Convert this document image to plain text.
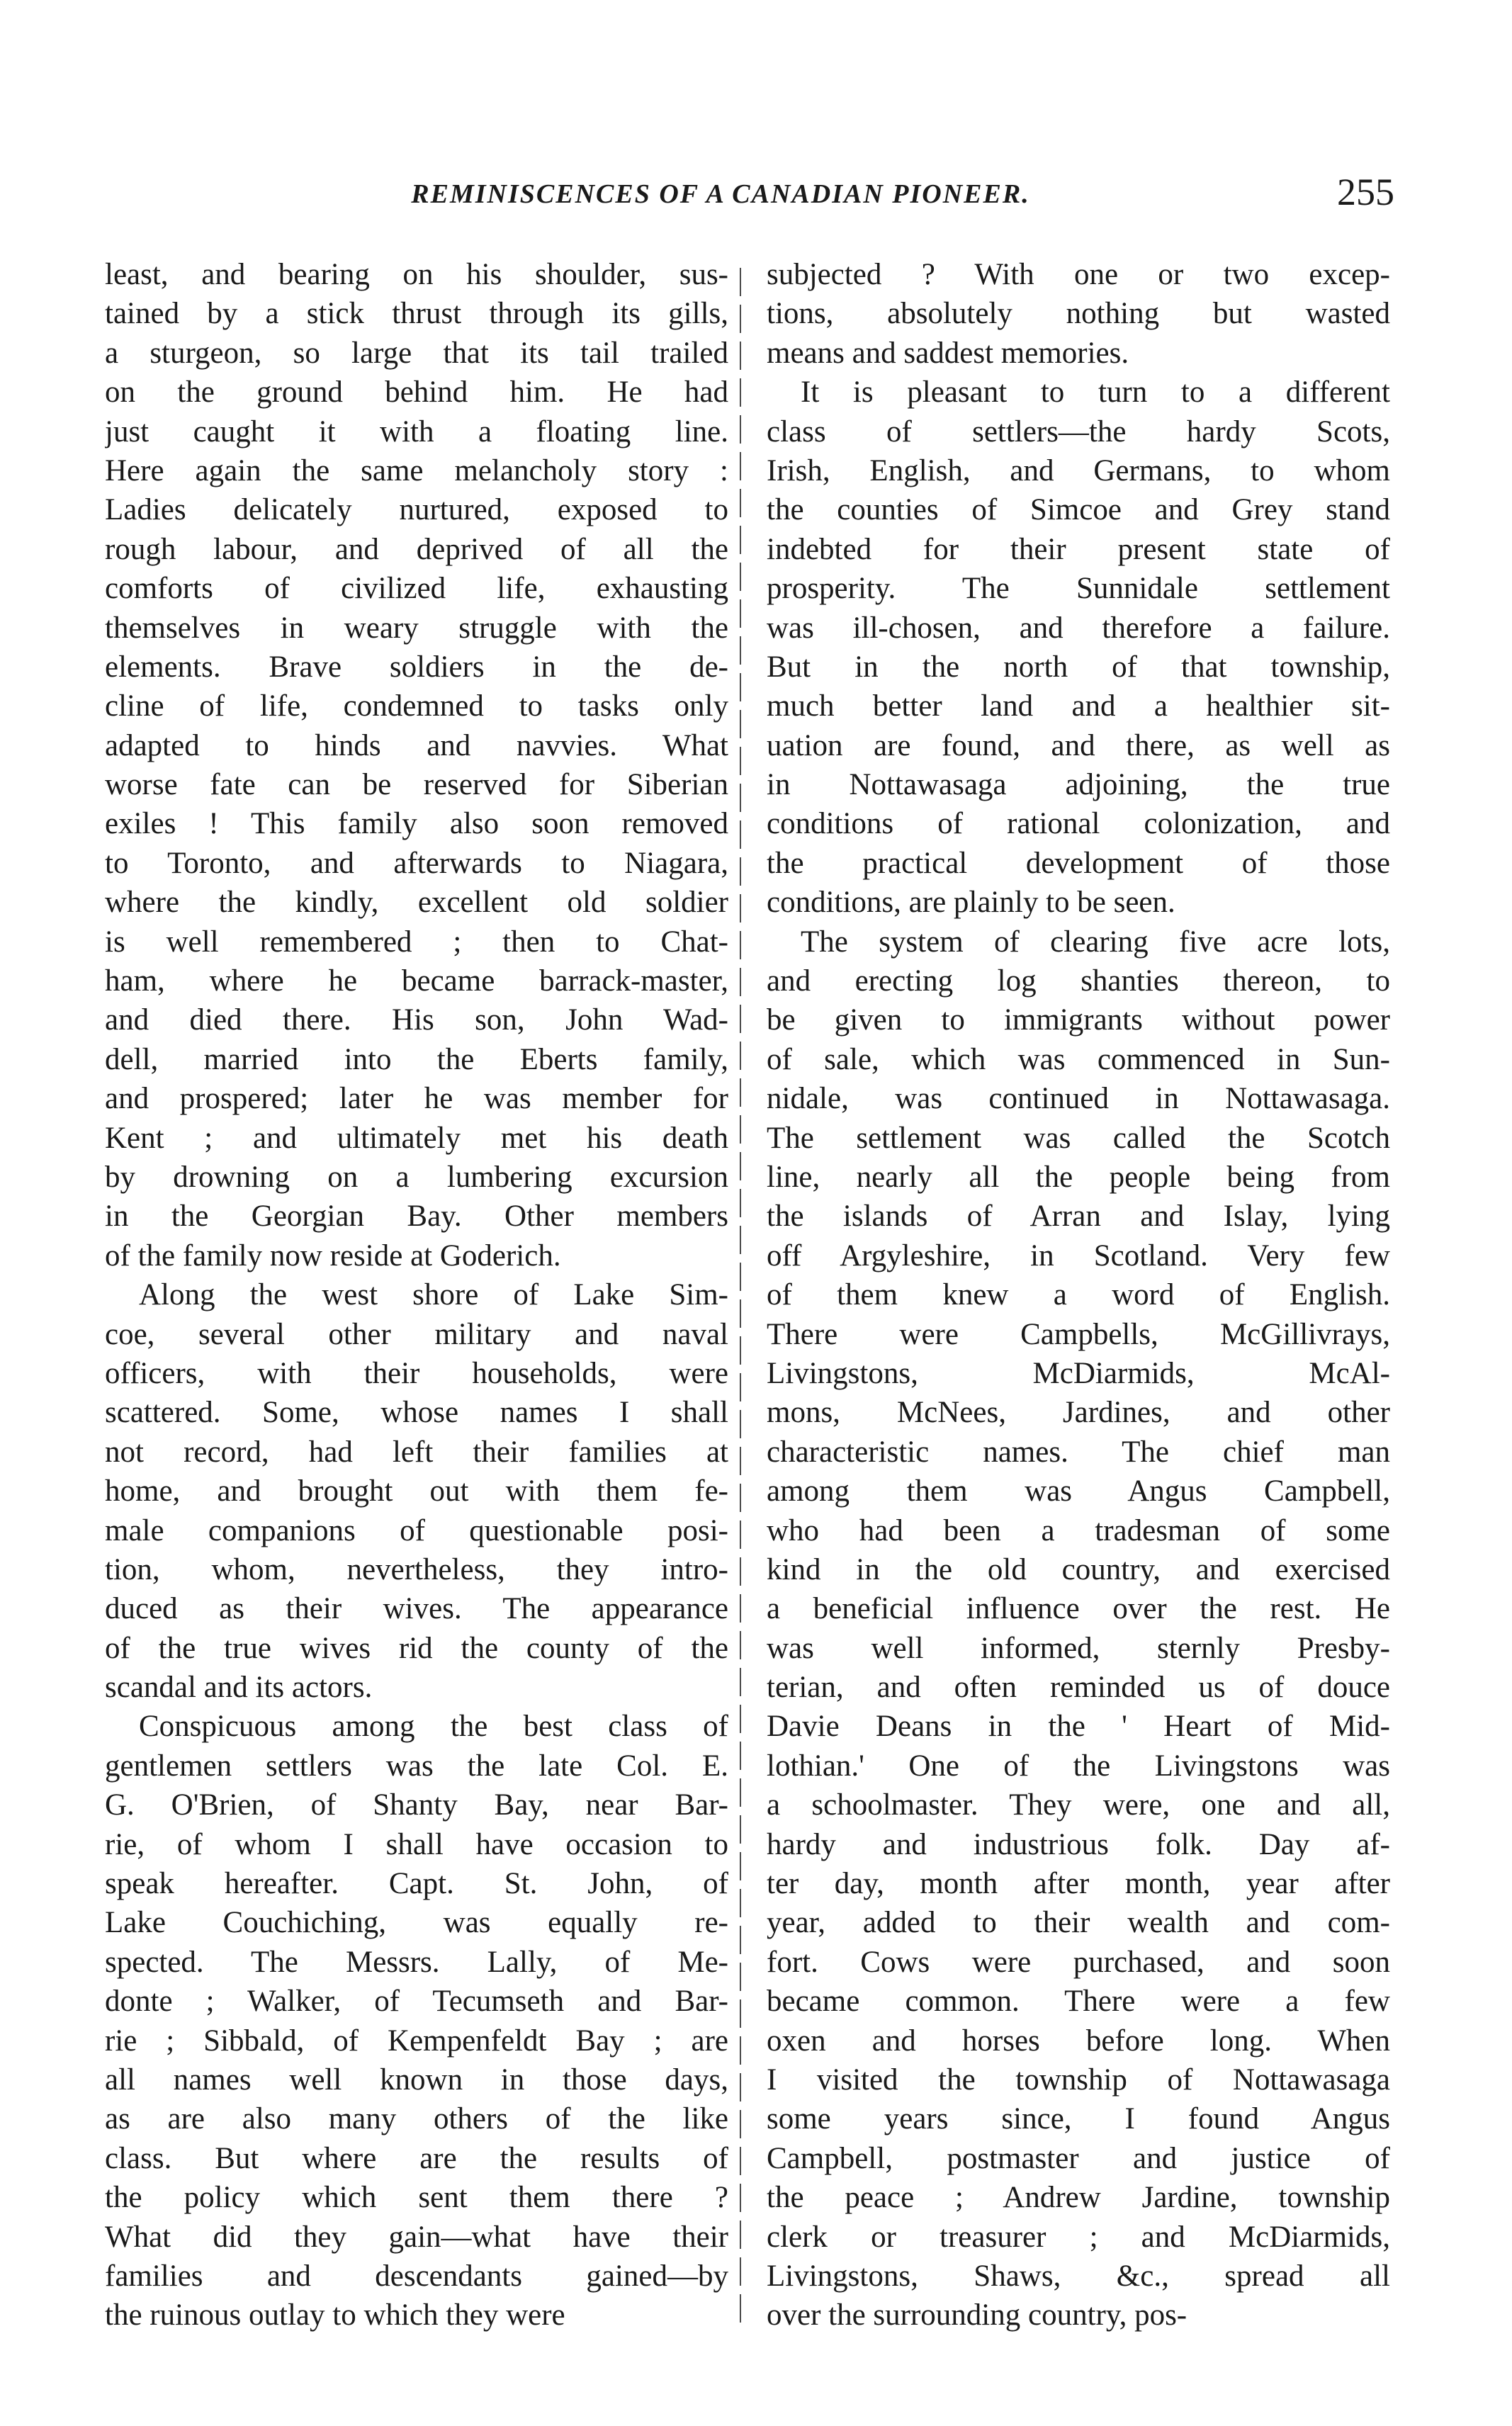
REMINISCENCES OF A CANADIAN PIONEER.	255
least, and bearing on his shoulder, sus-
tained by a stick thrust through its gills,
a sturgeon, so large that its tail trailed
on the ground behind him. He had
just caught it with a floating line.
Here again the same melancholy story :
Ladies delicately nurtured, exposed to
rough labour, and deprived of all the
comforts of civilized life, exhausting
themselves in weary struggle with the
elements. Brave soldiers in the de-
cline of life, condemned to tasks only
adapted to hinds and navvies. What
worse fate can be reserved for Siberian
exiles ! This family also soon removed
to Toronto, and afterwards to Niagara,
where the kindly, excellent old soldier
is well remembered ; then to Chat-
ham, where he became barrack-master,
and died there. His son, John Wad-
dell, married into the Eberts family,
and prospered; later he was member for
Kent ; and ultimately met his death
by drowning on a lumbering excursion
in the Georgian Bay. Other members
of the family now reside at Goderich.
Along the west shore of Lake Sim-
coe, several other military and naval
officers, with their households, were
scattered. Some, whose names I shall
not record, had left their families at
home, and brought out with them fe-
male companions of questionable posi-
tion, whom, nevertheless, they intro-
duced as their wives. The appearance
of the true wives rid the county of the
scandal and its actors.
Conspicuous among the best class of
gentlemen settlers was the late Col. E.
G. O'Brien, of Shanty Bay, near Bar-
rie, of whom I shall have occasion to
speak hereafter. Capt. St. John, of
Lake Couchiching, was equally re-
spected. The Messrs. Lally, of Me-
donte ; Walker, of Tecumseth and Bar-
rie ; Sibbald, of Kempenfeldt Bay ; are
all names well known in those days,
as are also many others of the like
class. But where are the results of
the policy which sent them there ?
What did they gain—what have their
families and descendants gained—by
the ruinous outlay to which they were
subjected ? With one or two excep-
tions, absolutely nothing but wasted
means and saddest memories.
It is pleasant to turn to a different
class of settlers—the hardy Scots,
Irish, English, and Germans, to whom
the counties of Simcoe and Grey stand
indebted for their present state of
prosperity. The Sunnidale settlement
was ill-chosen, and therefore a failure.
But in the north of that township,
much better land and a healthier sit-
uation are found, and there, as well as
in Nottawasaga adjoining, the true
conditions of rational colonization, and
the practical development of those
conditions, are plainly to be seen.
The system of clearing five acre lots,
and erecting log shanties thereon, to
be given to immigrants without power
of sale, which was commenced in Sun-
nidale, was continued in Nottawasaga.
The settlement was called the Scotch
line, nearly all the people being from
the islands of Arran and Islay, lying
off Argyleshire, in Scotland. Very few
of them knew a word of English.
There were Campbells, McGillivrays,
Livingstons, McDiarmids, McAl-
mons, McNees, Jardines, and other
characteristic names. The chief man
among them was Angus Campbell,
who had been a tradesman of some
kind in the old country, and exercised
a beneficial influence over the rest. He
was well informed, sternly Presby-
terian, and often reminded us of douce
Davie Deans in the ' Heart of Mid-
lothian.' One of the Livingstons was
a schoolmaster. They were, one and all,
hardy and industrious folk. Day af-
ter day, month after month, year after
year, added to their wealth and com-
fort. Cows were purchased, and soon
became common. There were a few
oxen and horses before long. When
I visited the township of Nottawasaga
some years since, I found Angus
Campbell, postmaster and justice of
the peace ; Andrew Jardine, township
clerk or treasurer ; and McDiarmids,
Livingstons, Shaws, &c., spread all
over the surrounding country, pos-
